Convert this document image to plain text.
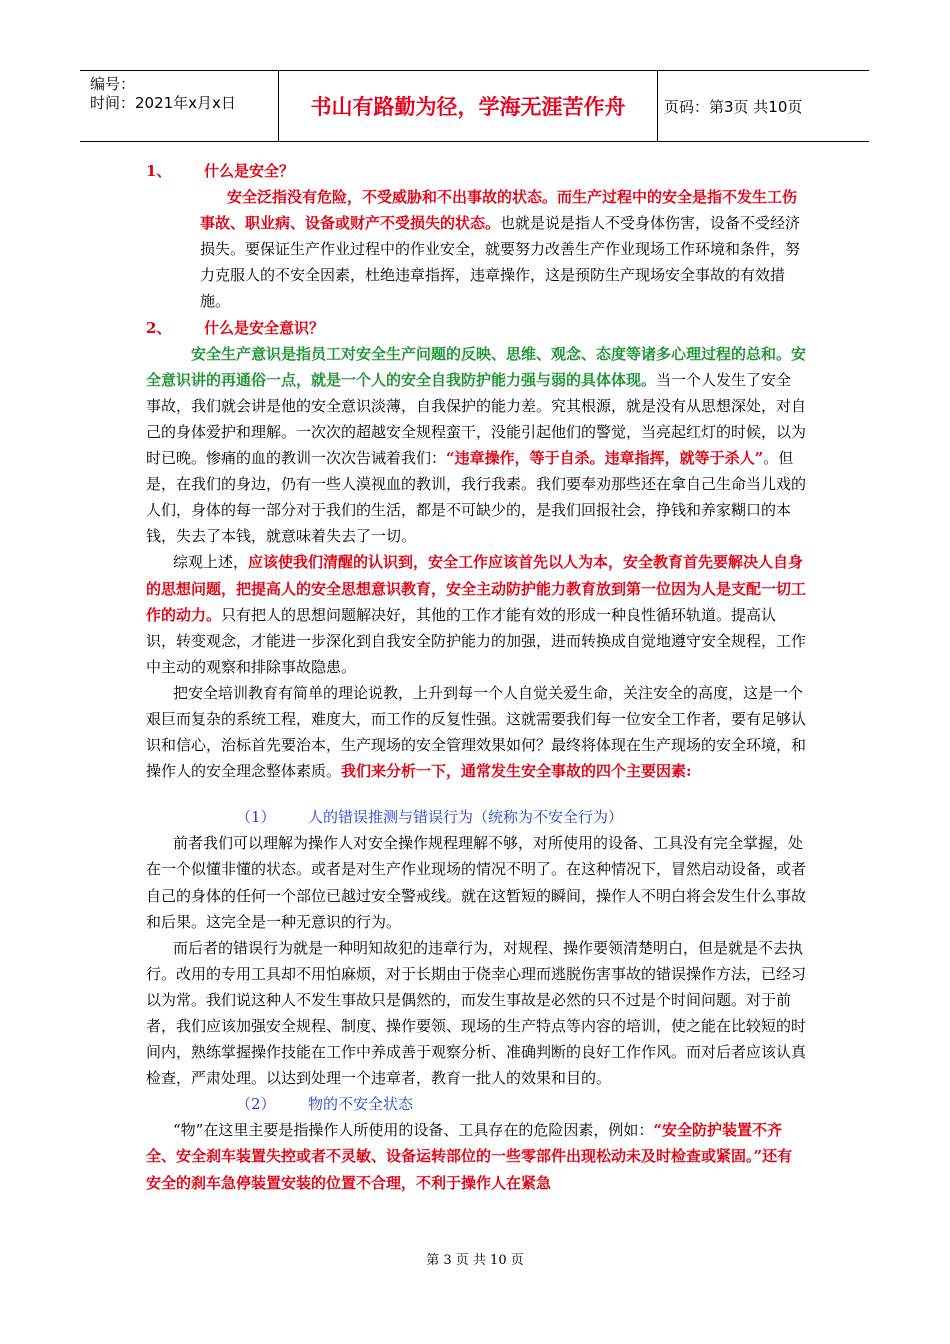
编号：
时间：2021年x月x日	书山有路勤为径，学海无涯苦作舟	页码：第3页 共10页

1、 什么是安全？

安全泛指没有危险，不受威胁和不出事故的状态。而生产过程中的安全是指不发生工伤事故、职业病、设备或财产不受损失的状态。也就是说是指人不受身体伤害，设备不受经济损失。要保证生产作业过程中的作业安全，就要努力改善生产作业现场工作环境和条件，努力克服人的不安全因素，杜绝违章指挥，违章操作，这是预防生产现场安全事故的有效措施。

2、 什么是安全意识？

安全生产意识是指员工对安全生产问题的反映、思维、观念、态度等诸多心理过程的总和。安全意识讲的再通俗一点，就是一个人的安全自我防护能力强与弱的具体体现。当一个人发生了安全事故，我们就会讲是他的安全意识淡薄，自我保护的能力差。究其根源，就是没有从思想深处，对自己的身体爱护和理解。一次次的超越安全规程蛮干，没能引起他们的警觉，当亮起红灯的时候，以为时已晚。惨痛的血的教训一次次告诫着我们：“违章操作，等于自杀。违章指挥，就等于杀人”。但是，在我们的身边，仍有一些人漠视血的教训，我行我素。我们要奉劝那些还在拿自己生命当儿戏的人们，身体的每一部分对于我们的生活，都是不可缺少的，是我们回报社会，挣钱和养家糊口的本钱，失去了本钱，就意味着失去了一切。

综观上述，应该使我们清醒的认识到，安全工作应该首先以人为本，安全教育首先要解决人自身的思想问题，把提高人的安全思想意识教育，安全主动防护能力教育放到第一位因为人是支配一切工作的动力。只有把人的思想问题解决好，其他的工作才能有效的形成一种良性循环轨道。提高认识，转变观念，才能进一步深化到自我安全防护能力的加强，进而转换成自觉地遵守安全规程，工作中主动的观察和排除事故隐患。

把安全培训教育有简单的理论说教，上升到每一个人自觉关爱生命，关注安全的高度，这是一个艰巨而复杂的系统工程，难度大，而工作的反复性强。这就需要我们每一位安全工作者，要有足够认识和信心，治标首先要治本，生产现场的安全管理效果如何？最终将体现在生产现场的安全环境，和操作人的安全理念整体素质。我们来分析一下，通常发生安全事故的四个主要因素:

（1） 人的错误推测与错误行为（统称为不安全行为）

前者我们可以理解为操作人对安全操作规程理解不够，对所使用的设备、工具没有完全掌握，处在一个似懂非懂的状态。或者是对生产作业现场的情况不明了。在这种情况下，冒然启动设备，或者自己的身体的任何一个部位已越过安全警戒线。就在这暂短的瞬间，操作人不明白将会发生什么事故和后果。这完全是一种无意识的行为。

而后者的错误行为就是一种明知故犯的违章行为，对规程、操作要领清楚明白，但是就是不去执行。改用的专用工具却不用怕麻烦，对于长期由于侥幸心理而逃脱伤害事故的错误操作方法，已经习以为常。我们说这种人不发生事故只是偶然的，而发生事故是必然的只不过是个时间问题。对于前者，我们应该加强安全规程、制度、操作要领、现场的生产特点等内容的培训，使之能在比较短的时间内，熟练掌握操作技能在工作中养成善于观察分析、准确判断的良好工作作风。而对后者应该认真检查，严肃处理。以达到处理一个违章者，教育一批人的效果和目的。

（2） 物的不安全状态

“物”在这里主要是指操作人所使用的设备、工具存在的危险因素，例如：“安全防护装置不齐全、安全刹车装置失控或者不灵敏、设备运转部位的一些零部件出现松动未及时检查或紧固。”还有安全的刹车急停装置安装的位置不合理，不利于操作人在紧急

第 3 页 共 10 页
